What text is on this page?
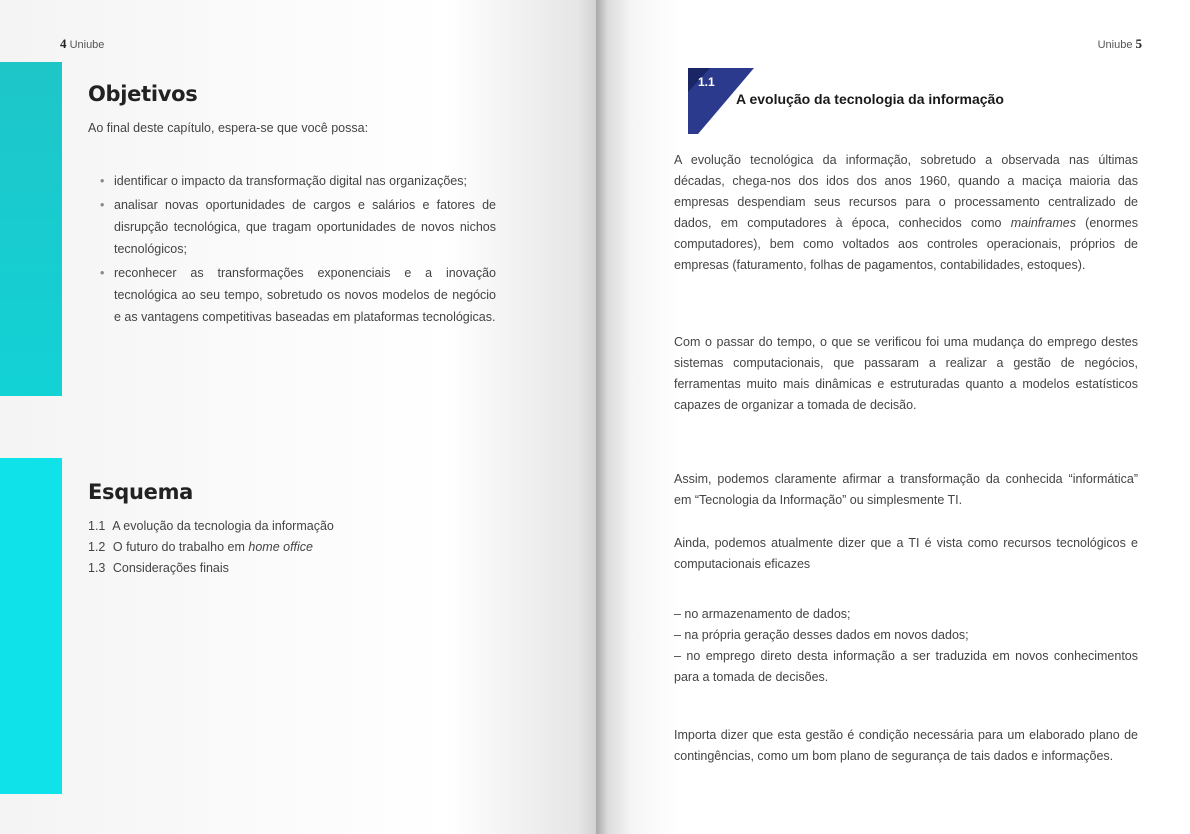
4 Uniube
Objetivos

Ao final deste capítulo, espera-se que você possa:

• identificar o impacto da transformação digital nas organizações;
• analisar novas oportunidades de cargos e salários e fatores de disrupção tecnológica, que tragam oportunidades de novos nichos tecnológicos;
• reconhecer as transformações exponenciais e a inovação tecnológica ao seu tempo, sobretudo os novos modelos de negócio e as vantagens competitivas baseadas em plataformas tecnológicas.
Esquema
1.1 A evolução da tecnologia da informação
1.2 O futuro do trabalho em home office
1.3 Considerações finais
Uniube 5
1.1
A evolução da tecnologia da informação

A evolução tecnológica da informação, sobretudo a observada nas últimas décadas, chega-nos dos idos dos anos 1960, quando a maciça maioria das empresas despendiam seus recursos para o processamento centralizado de dados, em computadores à época, conhecidos como mainframes (enormes computadores), bem como voltados aos controles operacionais, próprios de empresas (faturamento, folhas de pagamentos, contabilidades, estoques).

Com o passar do tempo, o que se verificou foi uma mudança do emprego destes sistemas computacionais, que passaram a realizar a gestão de negócios, ferramentas muito mais dinâmicas e estruturadas quanto a modelos estatísticos capazes de organizar a tomada de decisão.

Assim, podemos claramente afirmar a transformação da conhecida “informática” em “Tecnologia da Informação” ou simplesmente TI.

Ainda, podemos atualmente dizer que a TI é vista como recursos tecnológicos e computacionais eficazes

– no armazenamento de dados;
– na própria geração desses dados em novos dados;
– no emprego direto desta informação a ser traduzida em novos conhecimentos para a tomada de decisões.

Importa dizer que esta gestão é condição necessária para um elaborado plano de contingências, como um bom plano de segurança de tais dados e informações.
